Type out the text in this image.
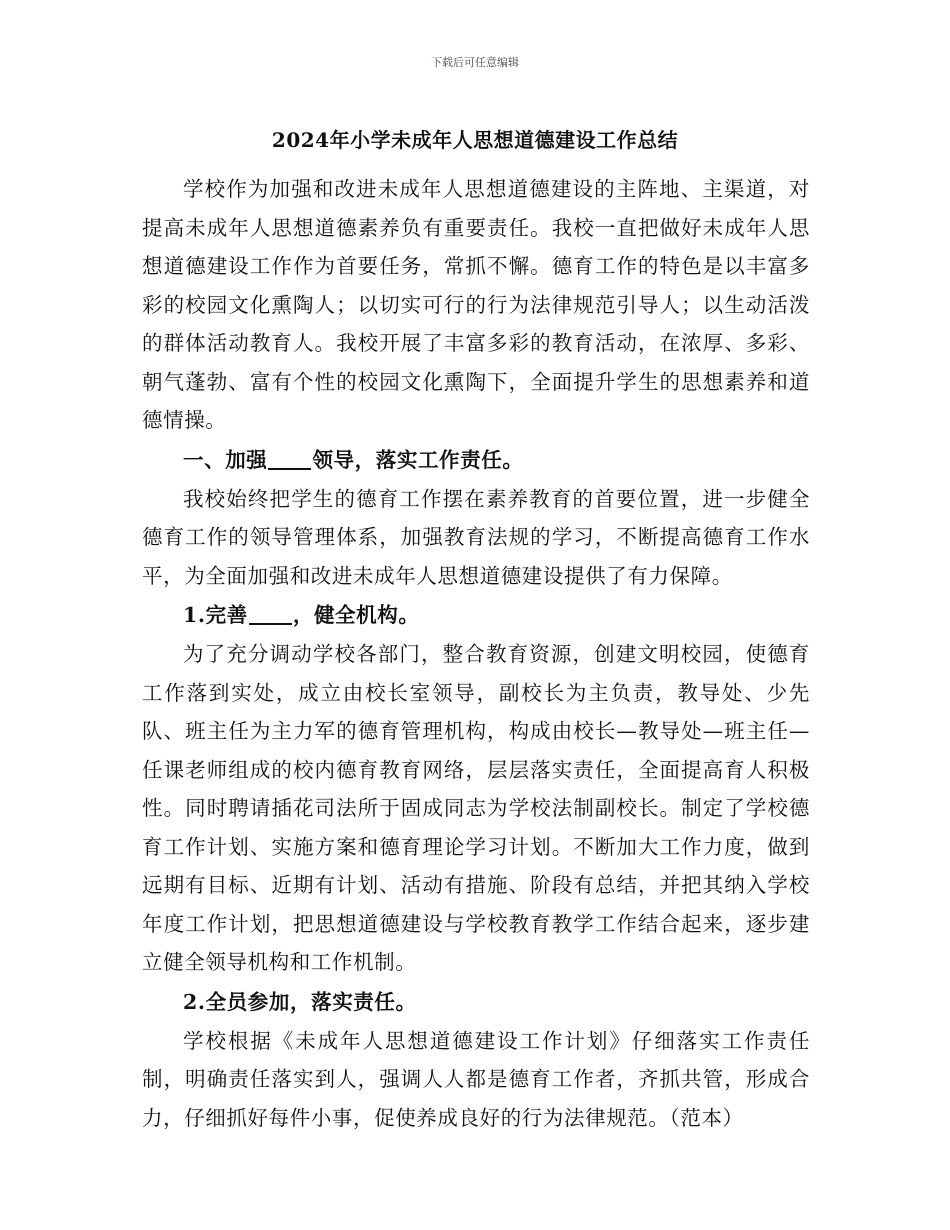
下载后可任意编辑
2024年小学未成年人思想道德建设工作总结

学校作为加强和改进未成年人思想道德建设的主阵地、主渠道，对提高未成年人思想道德素养负有重要责任。我校一直把做好未成年人思想道德建设工作作为首要任务，常抓不懈。德育工作的特色是以丰富多彩的校园文化熏陶人；以切实可行的行为法律规范引导人；以生动活泼的群体活动教育人。我校开展了丰富多彩的教育活动，在浓厚、多彩、朝气蓬勃、富有个性的校园文化熏陶下，全面提升学生的思想素养和道德情操。

一、加强 领导，落实工作责任。

我校始终把学生的德育工作摆在素养教育的首要位置，进一步健全德育工作的领导管理体系，加强教育法规的学习，不断提高德育工作水平，为全面加强和改进未成年人思想道德建设提供了有力保障。

1.完善 ，健全机构。

为了充分调动学校各部门，整合教育资源，创建文明校园，使德育工作落到实处，成立由校长室领导，副校长为主负责，教导处、少先队、班主任为主力军的德育管理机构，构成由校长—教导处—班主任—任课老师组成的校内德育教育网络，层层落实责任，全面提高育人积极性。同时聘请插花司法所于固成同志为学校法制副校长。制定了学校德育工作计划、实施方案和德育理论学习计划。不断加大工作力度，做到远期有目标、近期有计划、活动有措施、阶段有总结，并把其纳入学校年度工作计划，把思想道德建设与学校教育教学工作结合起来，逐步建立健全领导机构和工作机制。

2.全员参加，落实责任。

学校根据《未成年人思想道德建设工作计划》仔细落实工作责任制，明确责任落实到人，强调人人都是德育工作者，齐抓共管，形成合力，仔细抓好每件小事，促使养成良好的行为法律规范。（范本）
